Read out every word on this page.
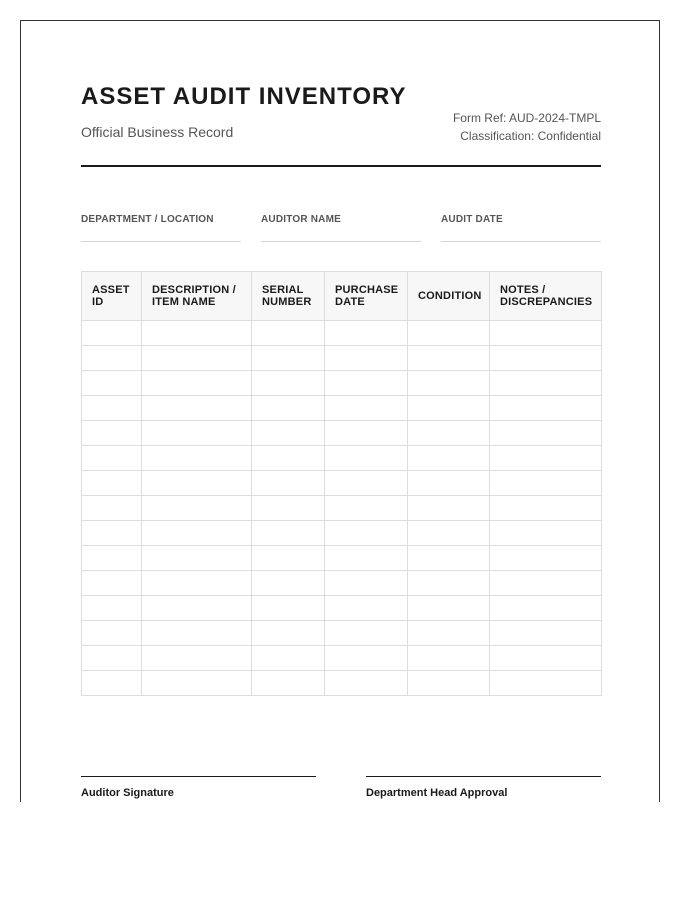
ASSET AUDIT INVENTORY
Official Business Record
Form Ref: AUD-2024-TMPL
Classification: Confidential
DEPARTMENT / LOCATION	AUDITOR NAME	AUDIT DATE
ASSET ID	DESCRIPTION / ITEM NAME	SERIAL NUMBER	PURCHASE DATE	CONDITION	NOTES / DISCREPANCIES

Auditor Signature	Department Head Approval
